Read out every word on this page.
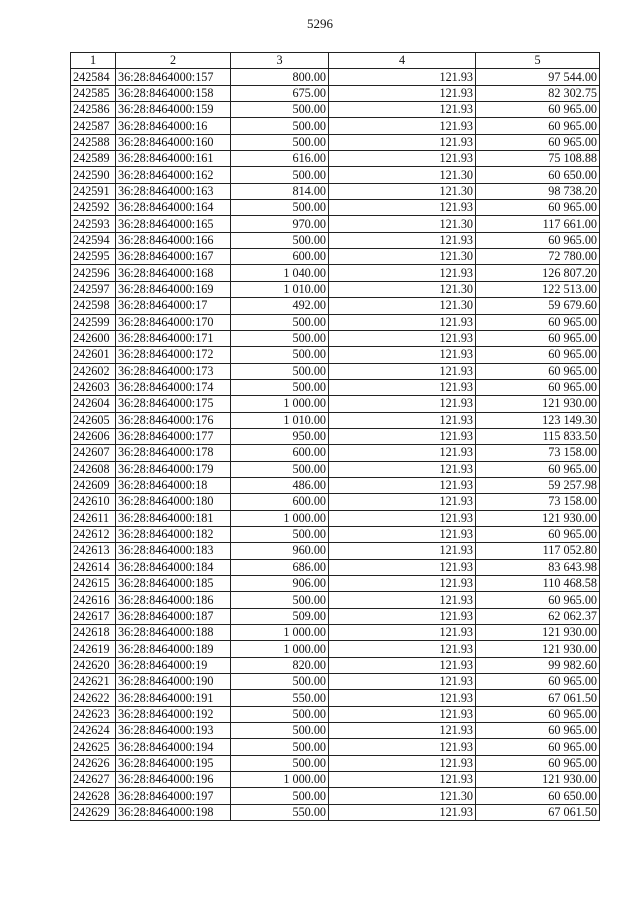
5296
1	2	3	4	5
242584	36:28:8464000:157	800.00	121.93	97 544.00
242585	36:28:8464000:158	675.00	121.93	82 302.75
242586	36:28:8464000:159	500.00	121.93	60 965.00
242587	36:28:8464000:16	500.00	121.93	60 965.00
242588	36:28:8464000:160	500.00	121.93	60 965.00
242589	36:28:8464000:161	616.00	121.93	75 108.88
242590	36:28:8464000:162	500.00	121.30	60 650.00
242591	36:28:8464000:163	814.00	121.30	98 738.20
242592	36:28:8464000:164	500.00	121.93	60 965.00
242593	36:28:8464000:165	970.00	121.30	117 661.00
242594	36:28:8464000:166	500.00	121.93	60 965.00
242595	36:28:8464000:167	600.00	121.30	72 780.00
242596	36:28:8464000:168	1 040.00	121.93	126 807.20
242597	36:28:8464000:169	1 010.00	121.30	122 513.00
242598	36:28:8464000:17	492.00	121.30	59 679.60
242599	36:28:8464000:170	500.00	121.93	60 965.00
242600	36:28:8464000:171	500.00	121.93	60 965.00
242601	36:28:8464000:172	500.00	121.93	60 965.00
242602	36:28:8464000:173	500.00	121.93	60 965.00
242603	36:28:8464000:174	500.00	121.93	60 965.00
242604	36:28:8464000:175	1 000.00	121.93	121 930.00
242605	36:28:8464000:176	1 010.00	121.93	123 149.30
242606	36:28:8464000:177	950.00	121.93	115 833.50
242607	36:28:8464000:178	600.00	121.93	73 158.00
242608	36:28:8464000:179	500.00	121.93	60 965.00
242609	36:28:8464000:18	486.00	121.93	59 257.98
242610	36:28:8464000:180	600.00	121.93	73 158.00
242611	36:28:8464000:181	1 000.00	121.93	121 930.00
242612	36:28:8464000:182	500.00	121.93	60 965.00
242613	36:28:8464000:183	960.00	121.93	117 052.80
242614	36:28:8464000:184	686.00	121.93	83 643.98
242615	36:28:8464000:185	906.00	121.93	110 468.58
242616	36:28:8464000:186	500.00	121.93	60 965.00
242617	36:28:8464000:187	509.00	121.93	62 062.37
242618	36:28:8464000:188	1 000.00	121.93	121 930.00
242619	36:28:8464000:189	1 000.00	121.93	121 930.00
242620	36:28:8464000:19	820.00	121.93	99 982.60
242621	36:28:8464000:190	500.00	121.93	60 965.00
242622	36:28:8464000:191	550.00	121.93	67 061.50
242623	36:28:8464000:192	500.00	121.93	60 965.00
242624	36:28:8464000:193	500.00	121.93	60 965.00
242625	36:28:8464000:194	500.00	121.93	60 965.00
242626	36:28:8464000:195	500.00	121.93	60 965.00
242627	36:28:8464000:196	1 000.00	121.93	121 930.00
242628	36:28:8464000:197	500.00	121.30	60 650.00
242629	36:28:8464000:198	550.00	121.93	67 061.50
